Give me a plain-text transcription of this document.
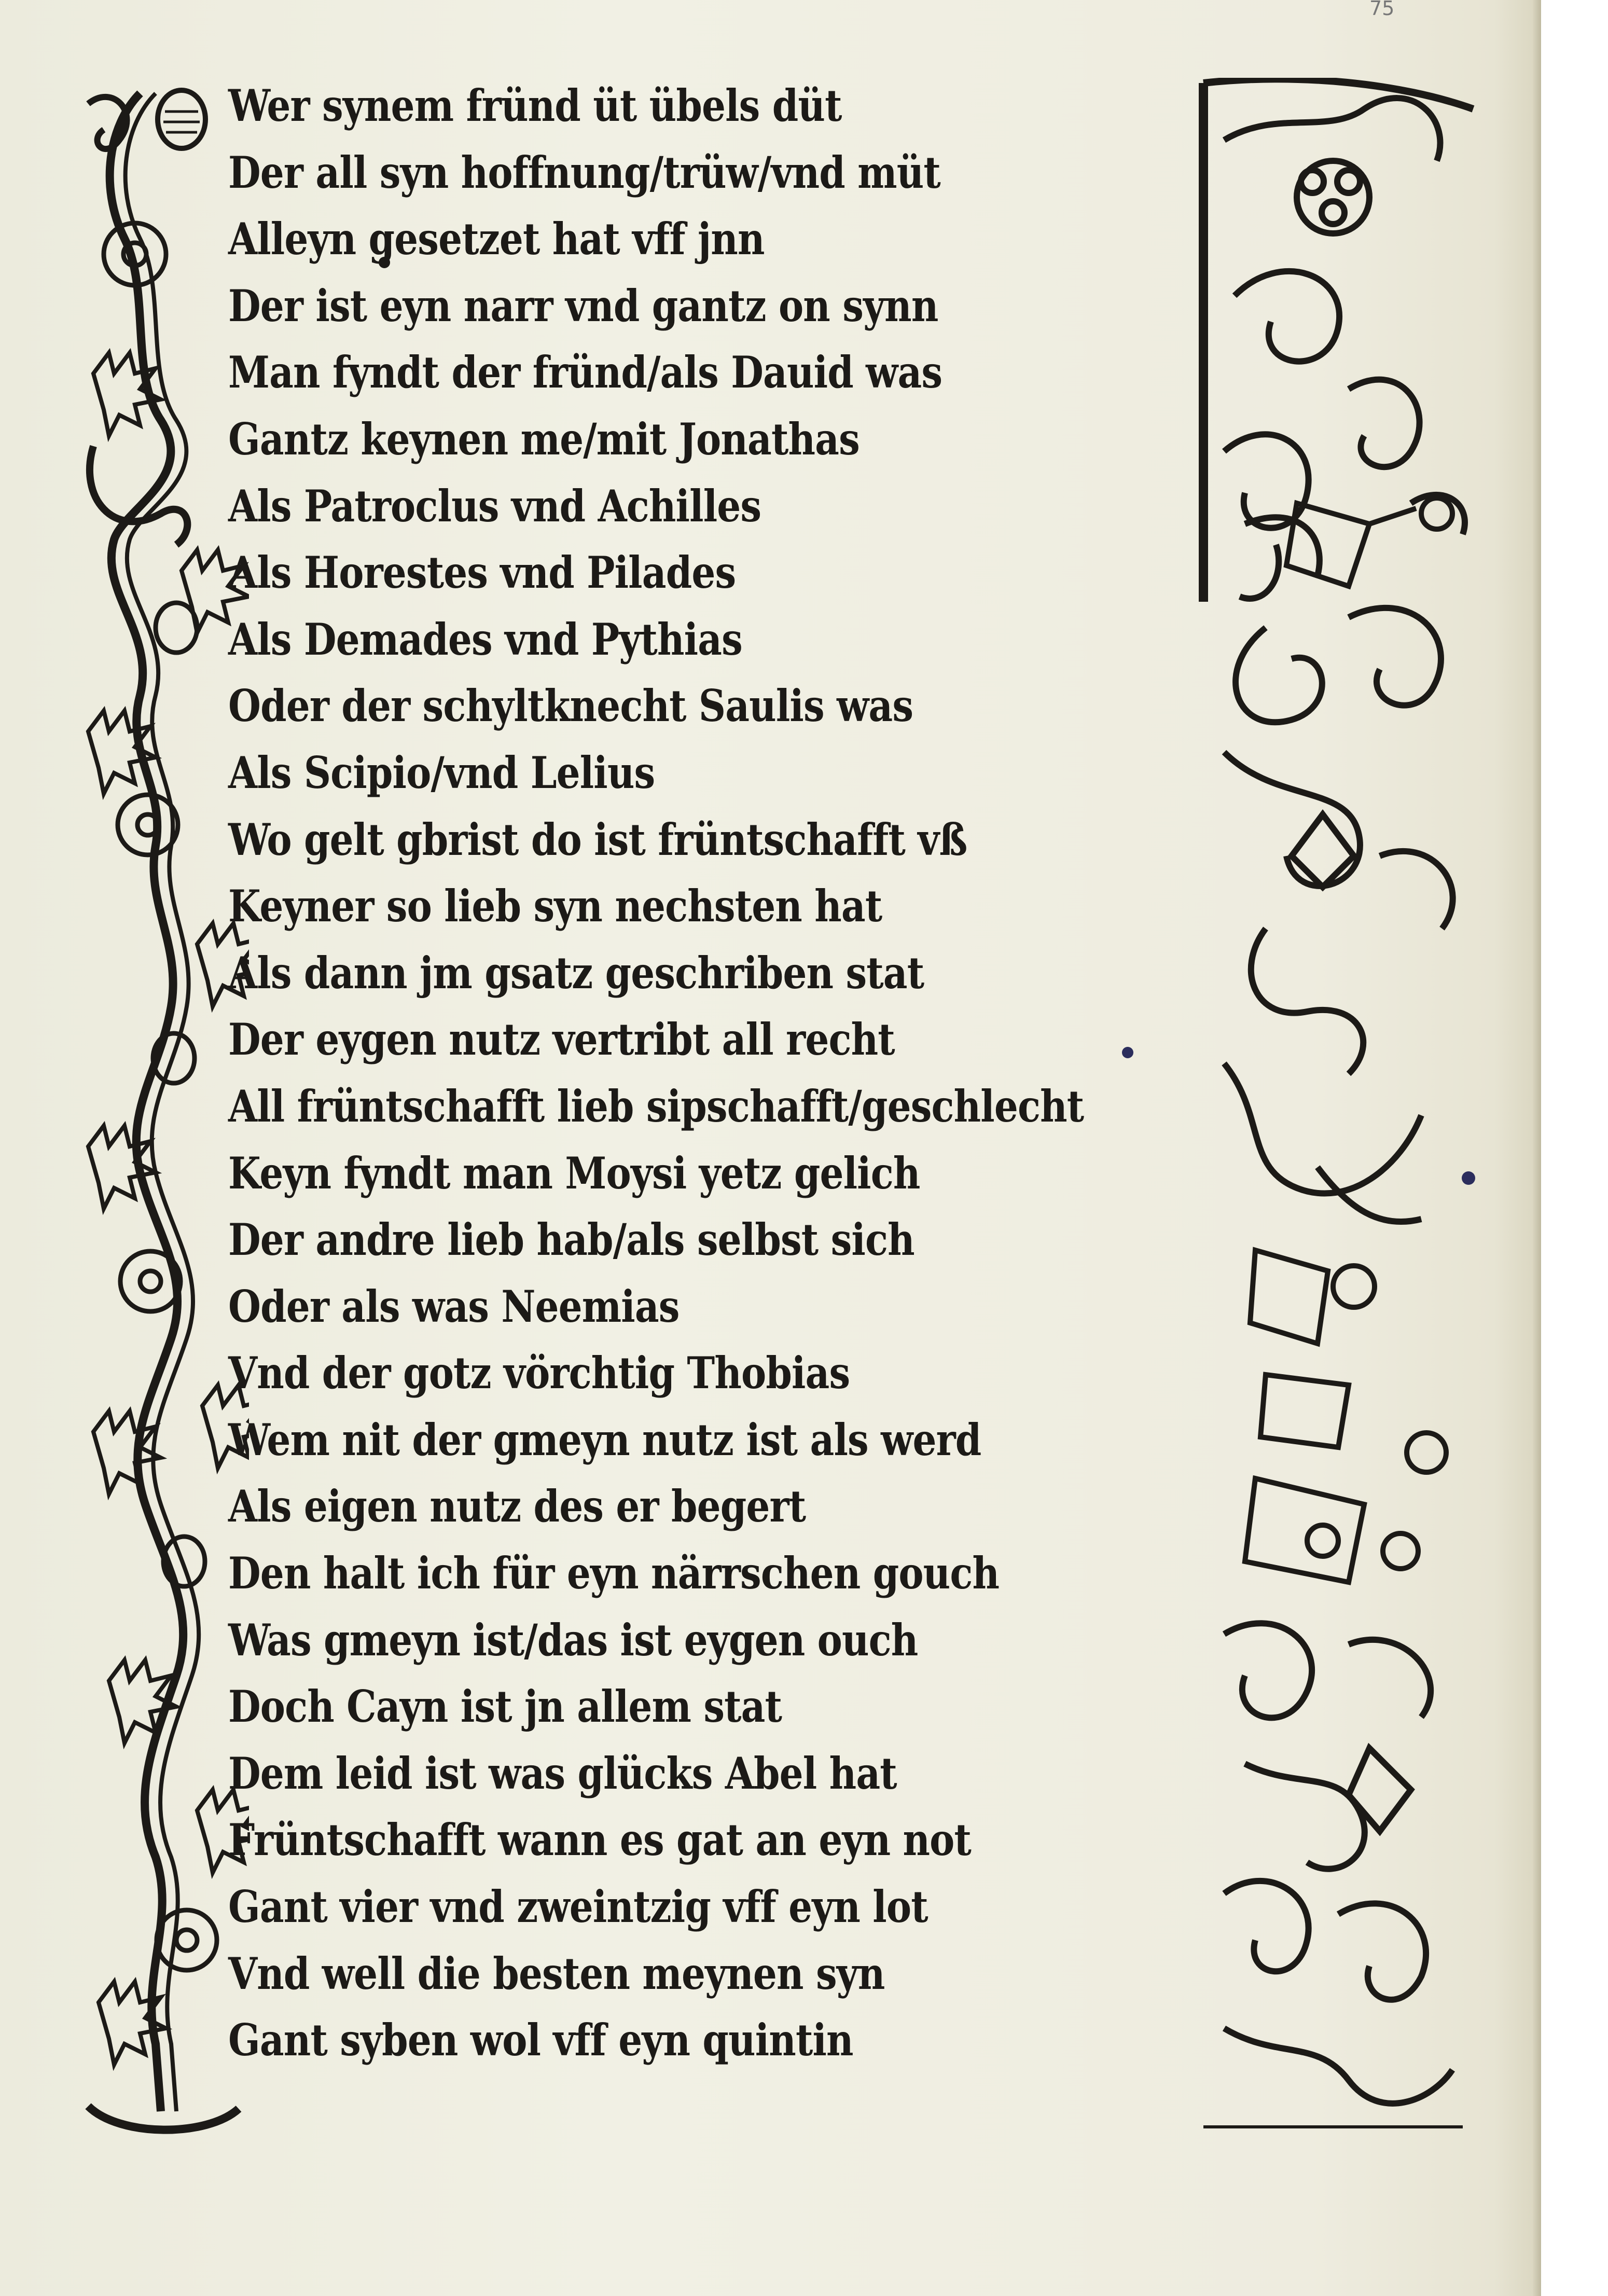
75
Wer synem fründ üt übels düt
Der all syn hoffnung/trüw/vnd müt
Alleyn gesetzet hat vff jnn
Der ist eyn narr vnd gantz on synn
Man fyndt der fründ/als Dauid was
Gantz keynen me/mit Jonathas
Als Patroclus vnd Achilles
Als Horestes vnd Pilades
Als Demades vnd Pythias
Oder der schyltknecht Saulis was
Als Scipio/vnd Lelius
Wo gelt gbrist do ist früntschafft vß
Keyner so lieb syn nechsten hat
Als dann jm gsatz geschriben stat
Der eygen nutz vertribt all recht
All früntschafft lieb sipschafft/geschlecht
Keyn fyndt man Moysi yetz gelich
Der andre lieb hab/als selbst sich
Oder als was Neemias
Vnd der gotz vörchtig Thobias
Wem nit der gmeyn nutz ist als werd
Als eigen nutz des er begert
Den halt ich für eyn närrschen gouch
Was gmeyn ist/das ist eygen ouch
Doch Cayn ist jn allem stat
Dem leid ist was glücks Abel hat
Früntschafft wann es gat an eyn not
Gant vier vnd zweintzig vff eyn lot
Vnd well die besten meynen syn
Gant syben wol vff eyn quintin
